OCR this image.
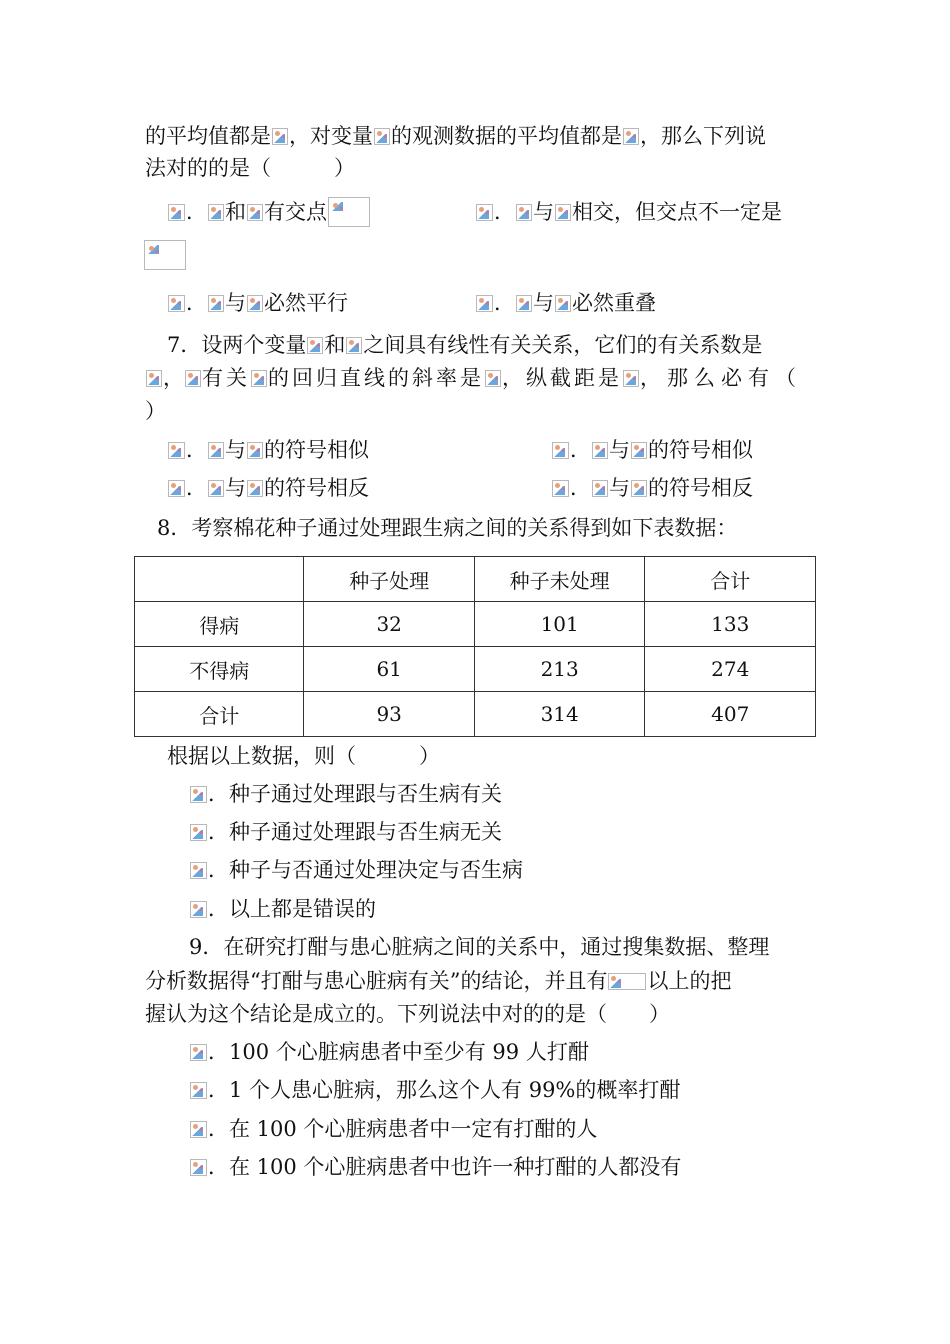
的平均值都是 ，对变量 的观测数据的平均值都是 ，那么下列说
法对的的是（　　　）
． 和 有交点	． 与 相交，但交点不一定是
． 与 必然平行	． 与 必然重叠
7．设两个变量 和 之间具有线性有关关系，它们的有关系数是
， 有关 的回归直线的斜率是 ，纵截距是 ，那么必有（
）
． 与 的符号相似	． 与 的符号相似
． 与 的符号相反	． 与 的符号相反
8．考察棉花种子通过处理跟生病之间的关系得到如下表数据：
	种子处理	种子未处理	合计
得病	32	101	133
不得病	61	213	274
合计	93	314	407
根据以上数据，则（　　　）
．种子通过处理跟与否生病有关
．种子通过处理跟与否生病无关
．种子与否通过处理决定与否生病
．以上都是错误的
9．在研究打酣与患心脏病之间的关系中，通过搜集数据、整理
分析数据得“打酣与患心脏病有关”的结论，并且有 以上的把
握认为这个结论是成立的。下列说法中对的的是（　　）
．100 个心脏病患者中至少有 99 人打酣
．1 个人患心脏病，那么这个人有 99%的概率打酣
．在 100 个心脏病患者中一定有打酣的人
．在 100 个心脏病患者中也许一种打酣的人都没有
